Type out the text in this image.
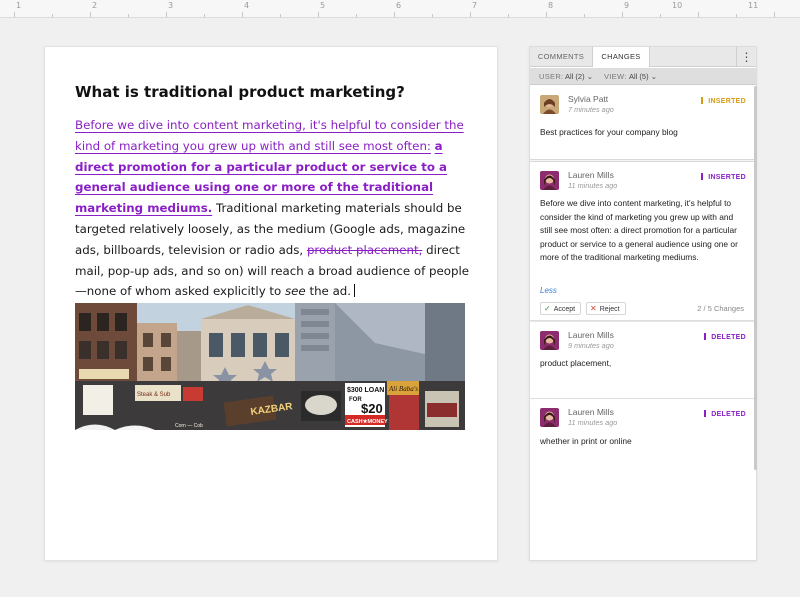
1	2	3	4	5	6	7	8	9	10	11
What is traditional product marketing?

Before we dive into content marketing, it's helpful to consider the kind of marketing you grew up with and still see most often: a direct promotion for a particular product or service to a general audience using one or more of the traditional marketing mediums. Traditional marketing materials should be targeted relatively loosely, as the medium (Google ads, magazine ads, billboards, television or radio ads, product placement, direct mail, pop-up ads, and so on) will reach a broad audience of people—none of whom asked explicitly to see the ad.

KAZBAR
$300 LOAN
FOR
$20
CASH★MONEY
Ali Baba's
Steak & Sub
Corn — Cob
COMMENTS	CHANGES	⋮
USER: All (2) ⌄ VIEW: All (5) ⌄
Sylvia Patt
7 minutes ago
INSERTED
Best practices for your company blog
Lauren Mills
11 minutes ago
INSERTED
Before we dive into content marketing, it's helpful to consider the kind of marketing you grew up with and still see most often: a direct promotion for a particular product or service to a general audience using one or more of the traditional marketing mediums.
Less
✓ Accept	✕ Reject	2 / 5 Changes
Lauren Mills
9 minutes ago
DELETED
product placement,
Lauren Mills
11 minutes ago
DELETED
whether in print or online
